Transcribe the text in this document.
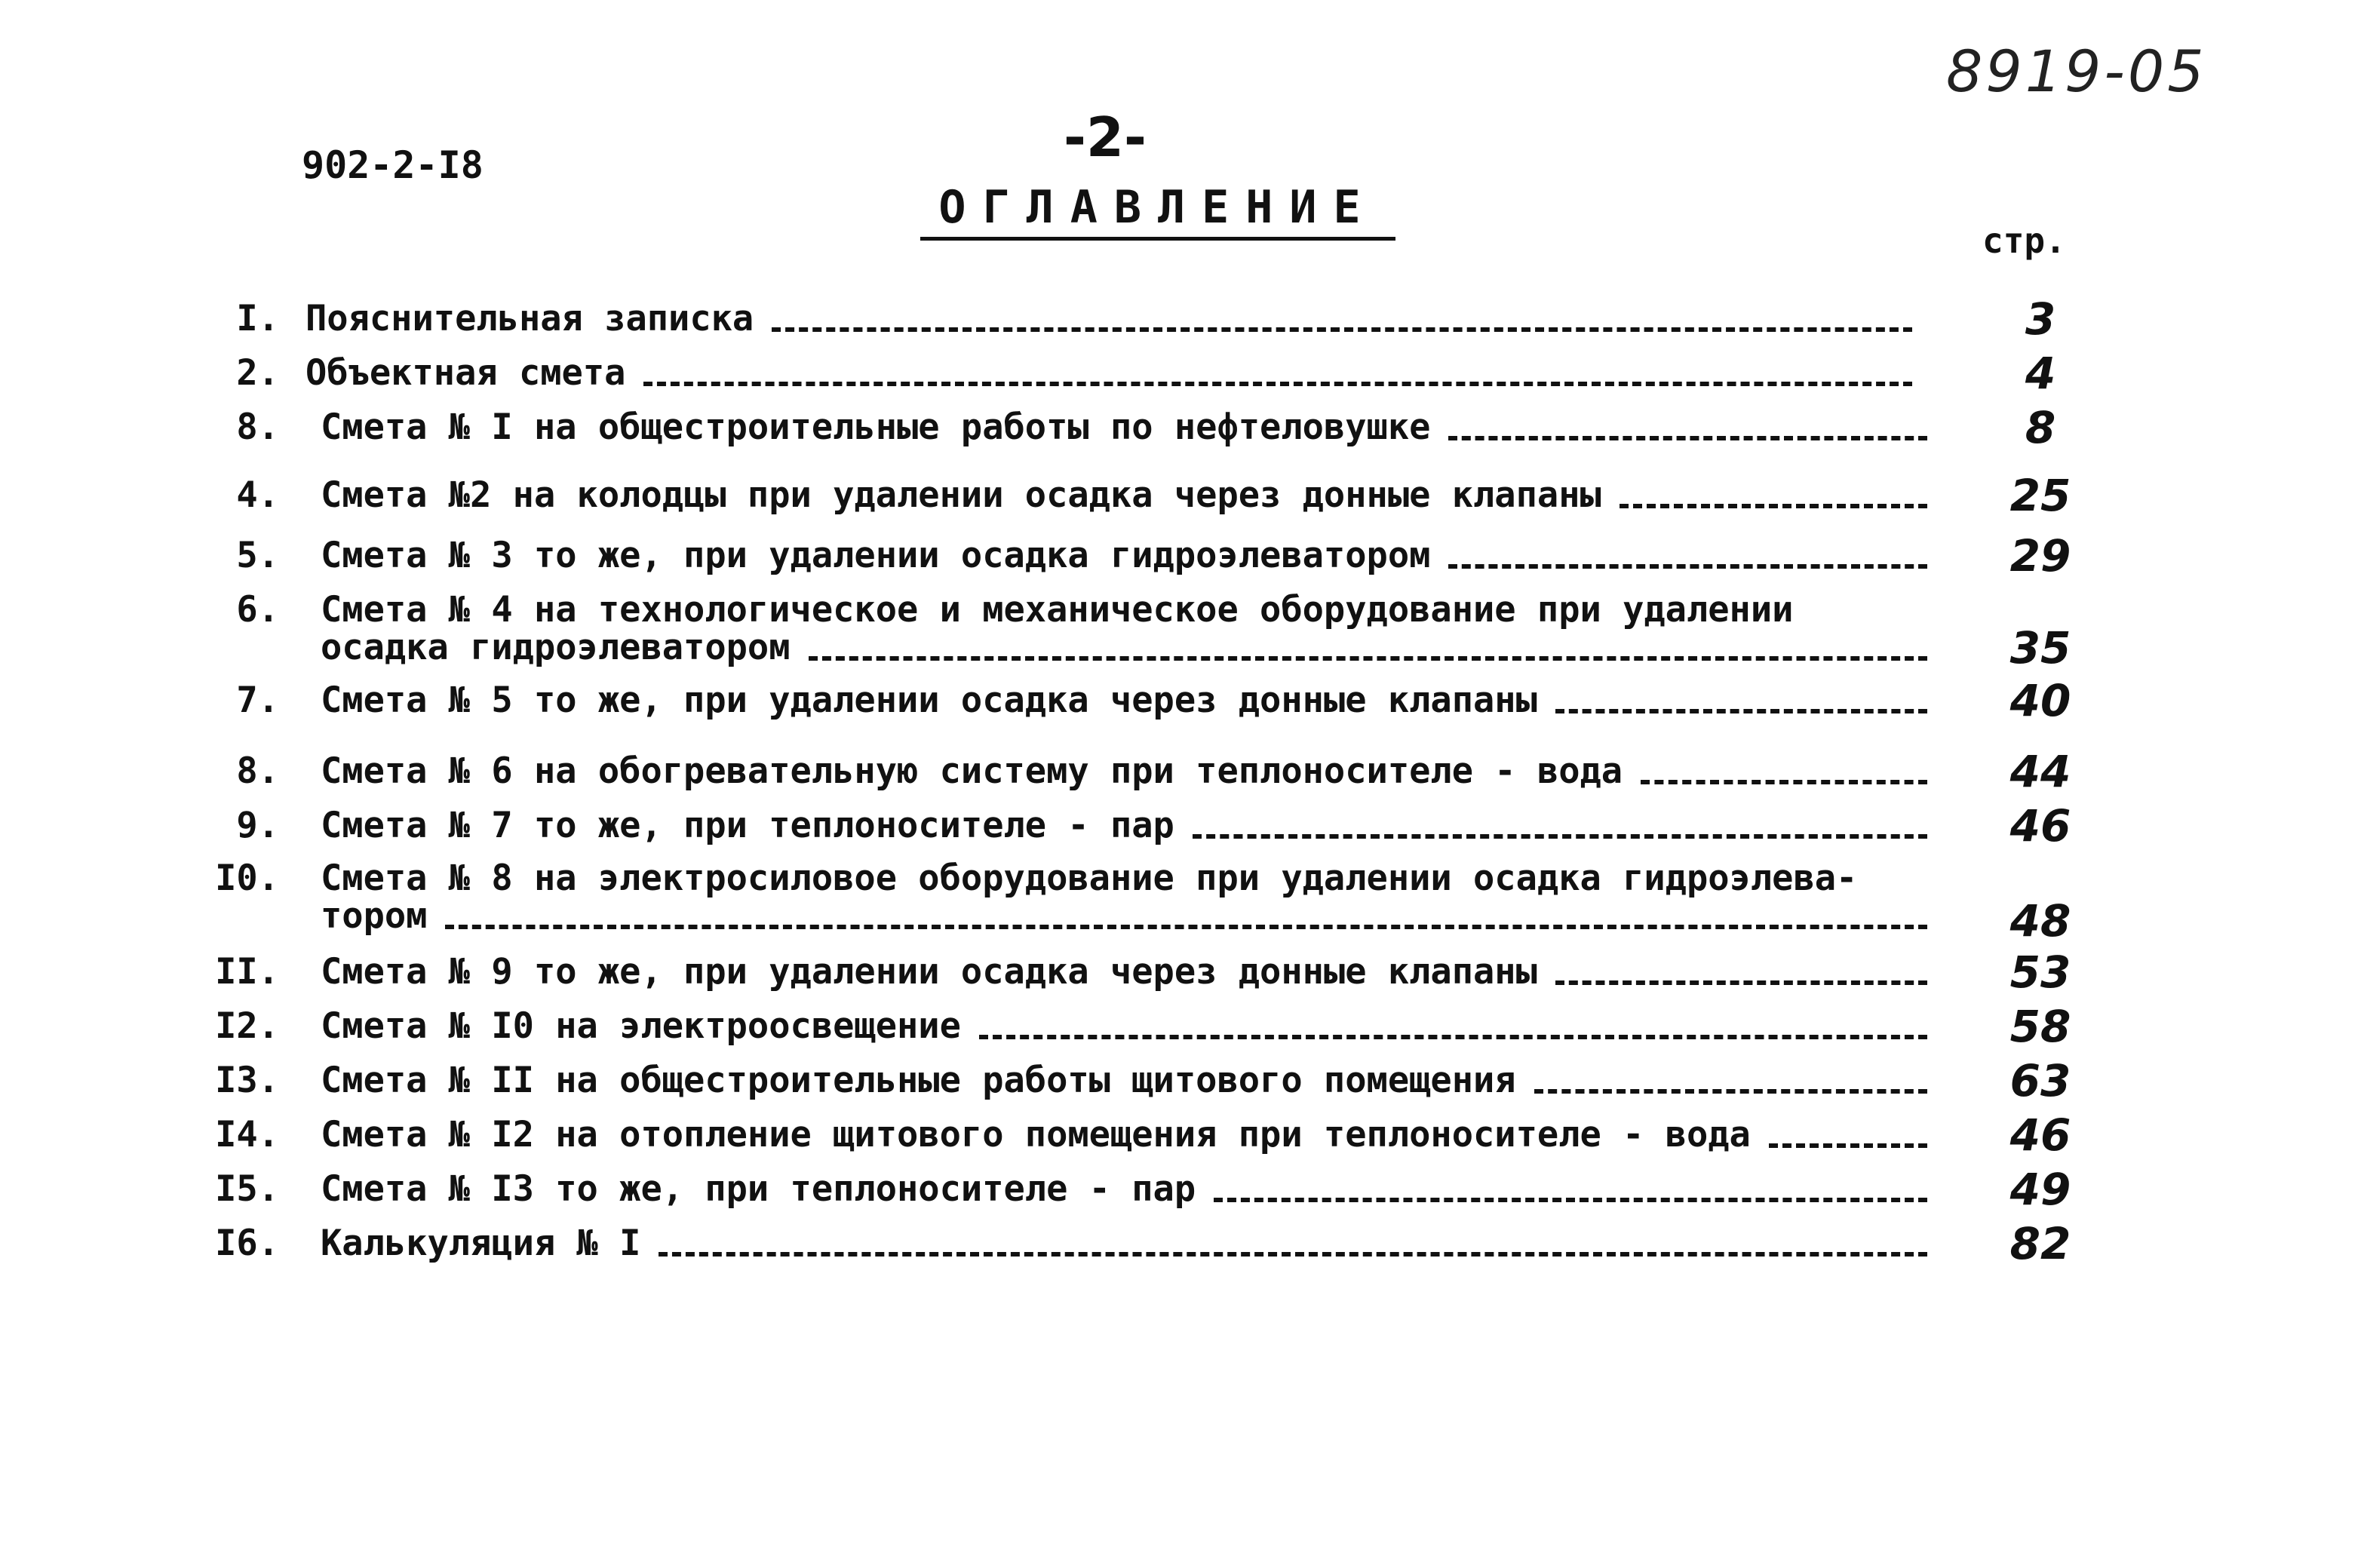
8919-05
-2-
902-2-I8
ОГЛАВЛЕНИЕ
стр.
I. Пояснительная записка	3
2. Объектная смета	4
8. Смета № I на общестроительные работы по нефтеловушке	8
4. Смета №2 на колодцы при удалении осадка через донные клапаны	25
5. Смета № 3 то же, при удалении осадка гидроэлеватором	29
6. Смета № 4 на технологическое и механическое оборудование при удалении
осадка гидроэлеватором	35
7. Смета № 5 то же, при удалении осадка через донные клапаны	40
8. Смета № 6 на обогревательную систему при теплоносителе - вода	44
9. Смета № 7 то же, при теплоносителе - пар	46
I0. Смета № 8 на электросиловое оборудование при удалении осадка гидроэлева-
тором	48
II. Смета № 9 то же, при удалении осадка через донные клапаны	53
I2. Смета № I0 на электроосвещение	58
I3. Смета № II на общестроительные работы щитового помещения	63
I4. Смета № I2 на отопление щитового помещения при теплоносителе - вода	46
I5. Смета № I3 то же, при теплоносителе - пар	49
I6. Калькуляция № I	82
